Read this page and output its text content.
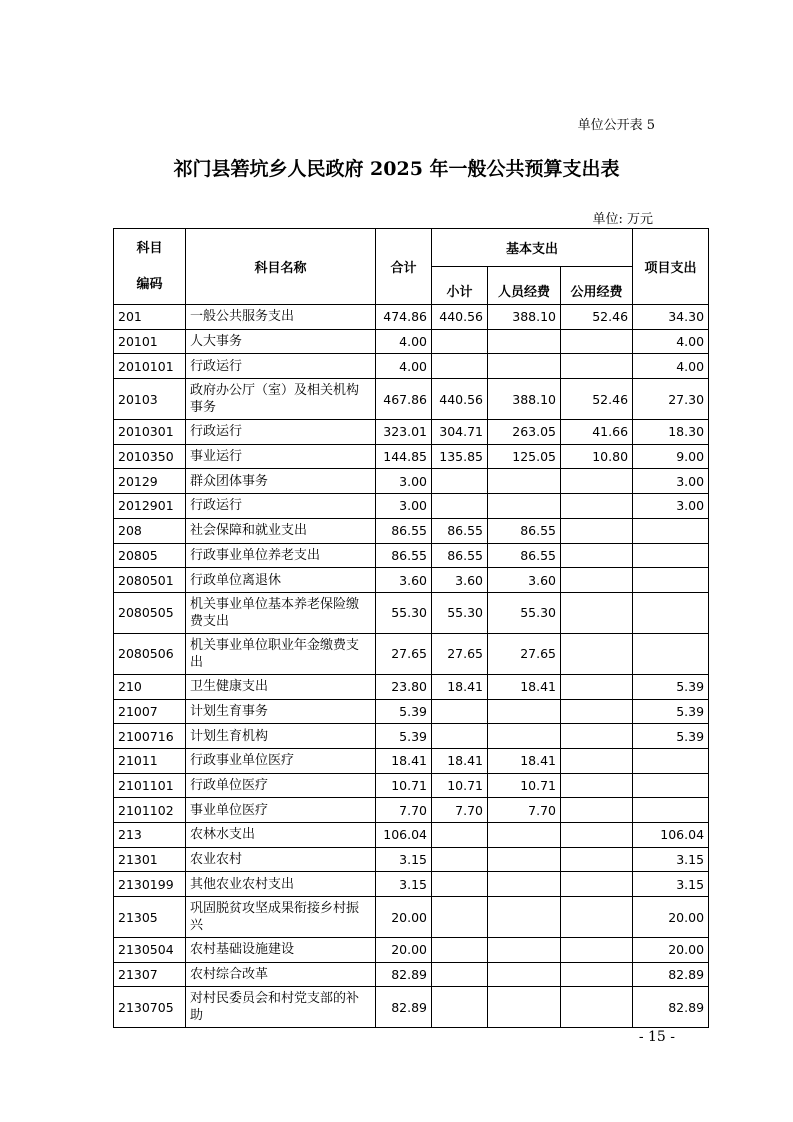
单位公开表 5
祁门县箬坑乡人民政府 2025 年一般公共预算支出表
单位: 万元
科目
编码	科目名称	合计	基本支出			项目支出
			小计	人员经费	公用经费	
201	一般公共服务支出	474.86	440.56	388.10	52.46	34.30
20101	人大事务	4.00				4.00
2010101	行政运行	4.00				4.00
20103	政府办公厅（室）及相关机构事务	467.86	440.56	388.10	52.46	27.30
2010301	行政运行	323.01	304.71	263.05	41.66	18.30
2010350	事业运行	144.85	135.85	125.05	10.80	9.00
20129	群众团体事务	3.00				3.00
2012901	行政运行	3.00				3.00
208	社会保障和就业支出	86.55	86.55	86.55		
20805	行政事业单位养老支出	86.55	86.55	86.55		
2080501	行政单位离退休	3.60	3.60	3.60		
2080505	机关事业单位基本养老保险缴费支出	55.30	55.30	55.30		
2080506	机关事业单位职业年金缴费支出	27.65	27.65	27.65		
210	卫生健康支出	23.80	18.41	18.41		5.39
21007	计划生育事务	5.39				5.39
2100716	计划生育机构	5.39				5.39
21011	行政事业单位医疗	18.41	18.41	18.41		
2101101	行政单位医疗	10.71	10.71	10.71		
2101102	事业单位医疗	7.70	7.70	7.70		
213	农林水支出	106.04				106.04
21301	农业农村	3.15				3.15
2130199	其他农业农村支出	3.15				3.15
21305	巩固脱贫攻坚成果衔接乡村振兴	20.00				20.00
2130504	农村基础设施建设	20.00				20.00
21307	农村综合改革	82.89				82.89
2130705	对村民委员会和村党支部的补助	82.89				82.89
- 15 -
